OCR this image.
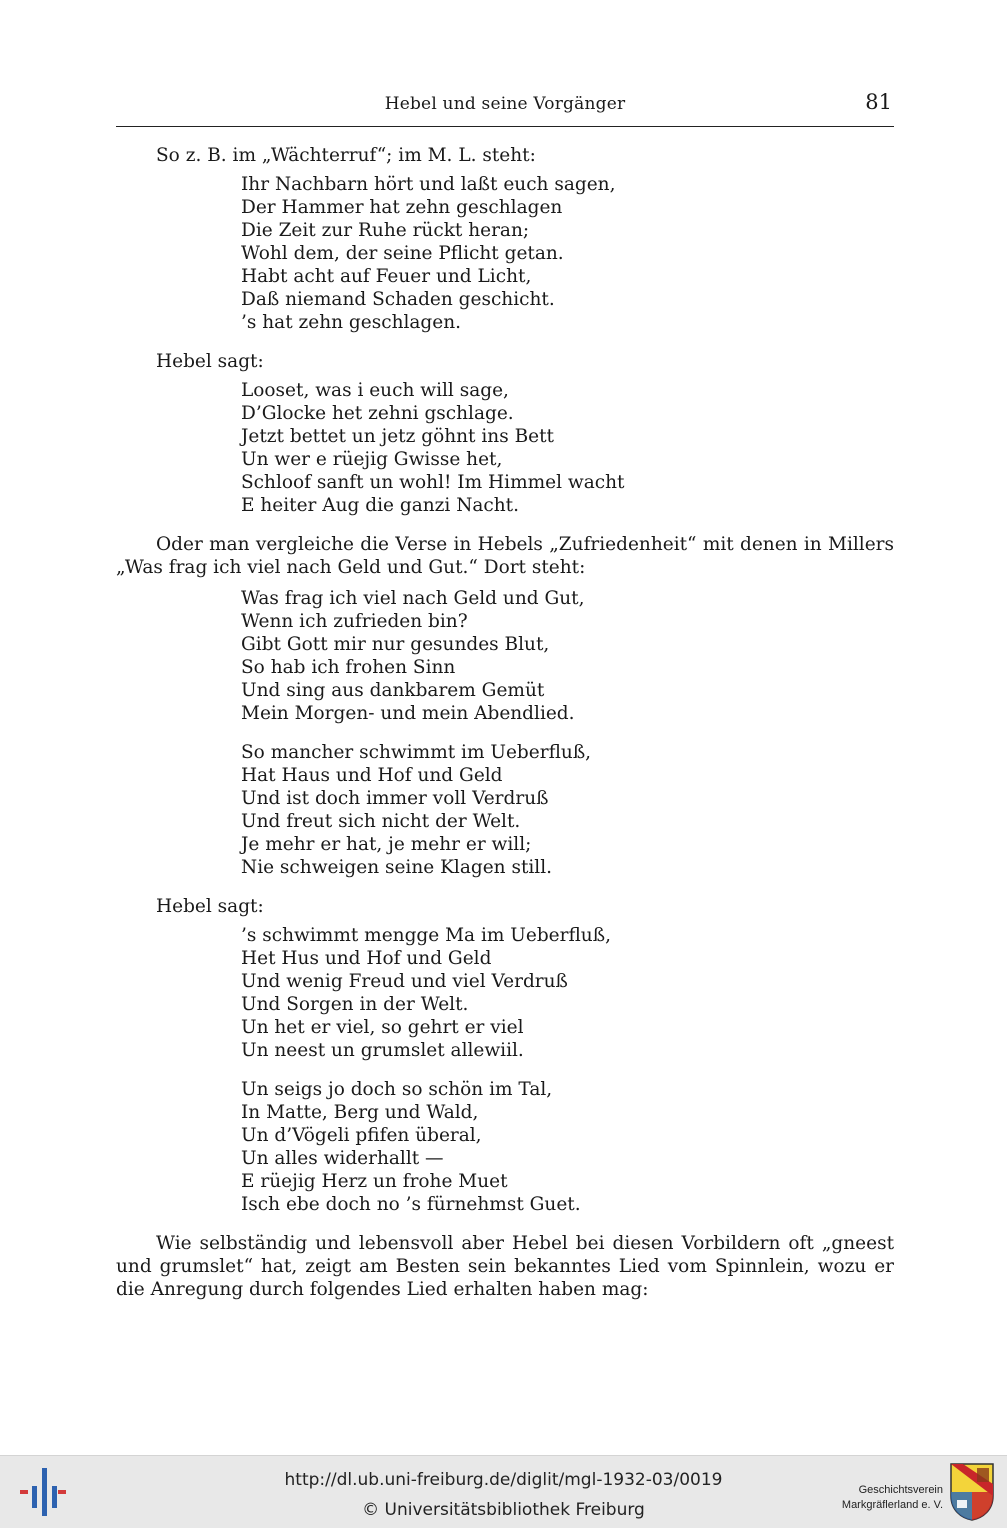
Hebel und seine Vorgänger	81

So z. B. im „Wächterruf“; im M. L. steht:

Ihr Nachbarn hört und laßt euch sagen,
Der Hammer hat zehn geschlagen
Die Zeit zur Ruhe rückt heran;
Wohl dem, der seine Pflicht getan.
Habt acht auf Feuer und Licht,
Daß niemand Schaden geschicht.
’s hat zehn geschlagen.

Hebel sagt:

Looset, was i euch will sage,
D’Glocke het zehni gschlage.
Jetzt bettet un jetz göhnt ins Bett
Un wer e rüejig Gwisse het,
Schloof sanft un wohl! Im Himmel wacht
E heiter Aug die ganzi Nacht.

Oder man vergleiche die Verse in Hebels „Zufriedenheit“ mit denen in Millers „Was frag ich viel nach Geld und Gut.“ Dort steht:

Was frag ich viel nach Geld und Gut,
Wenn ich zufrieden bin?
Gibt Gott mir nur gesundes Blut,
So hab ich frohen Sinn
Und sing aus dankbarem Gemüt
Mein Morgen- und mein Abendlied.
So mancher schwimmt im Ueberfluß,
Hat Haus und Hof und Geld
Und ist doch immer voll Verdruß
Und freut sich nicht der Welt.
Je mehr er hat, je mehr er will;
Nie schweigen seine Klagen still.

Hebel sagt:

’s schwimmt mengge Ma im Ueberfluß,
Het Hus und Hof und Geld
Und wenig Freud und viel Verdruß
Und Sorgen in der Welt.
Un het er viel, so gehrt er viel
Un neest un grumslet allewiil.
Un seigs jo doch so schön im Tal,
In Matte, Berg und Wald,
Un d’Vögeli pfifen überal,
Un alles widerhallt —
E rüejig Herz un frohe Muet
Isch ebe doch no ’s fürnehmst Guet.

Wie selbständig und lebensvoll aber Hebel bei diesen Vorbildern oft „gneest und grumslet“ hat, zeigt am Besten sein bekanntes Lied vom Spinnlein, wozu er die Anregung durch folgendes Lied erhalten haben mag:

http://dl.ub.uni-freiburg.de/diglit/mgl-1932-03/0019
© Universitätsbibliothek Freiburg
Geschichtsverein
Markgräflerland e. V.
